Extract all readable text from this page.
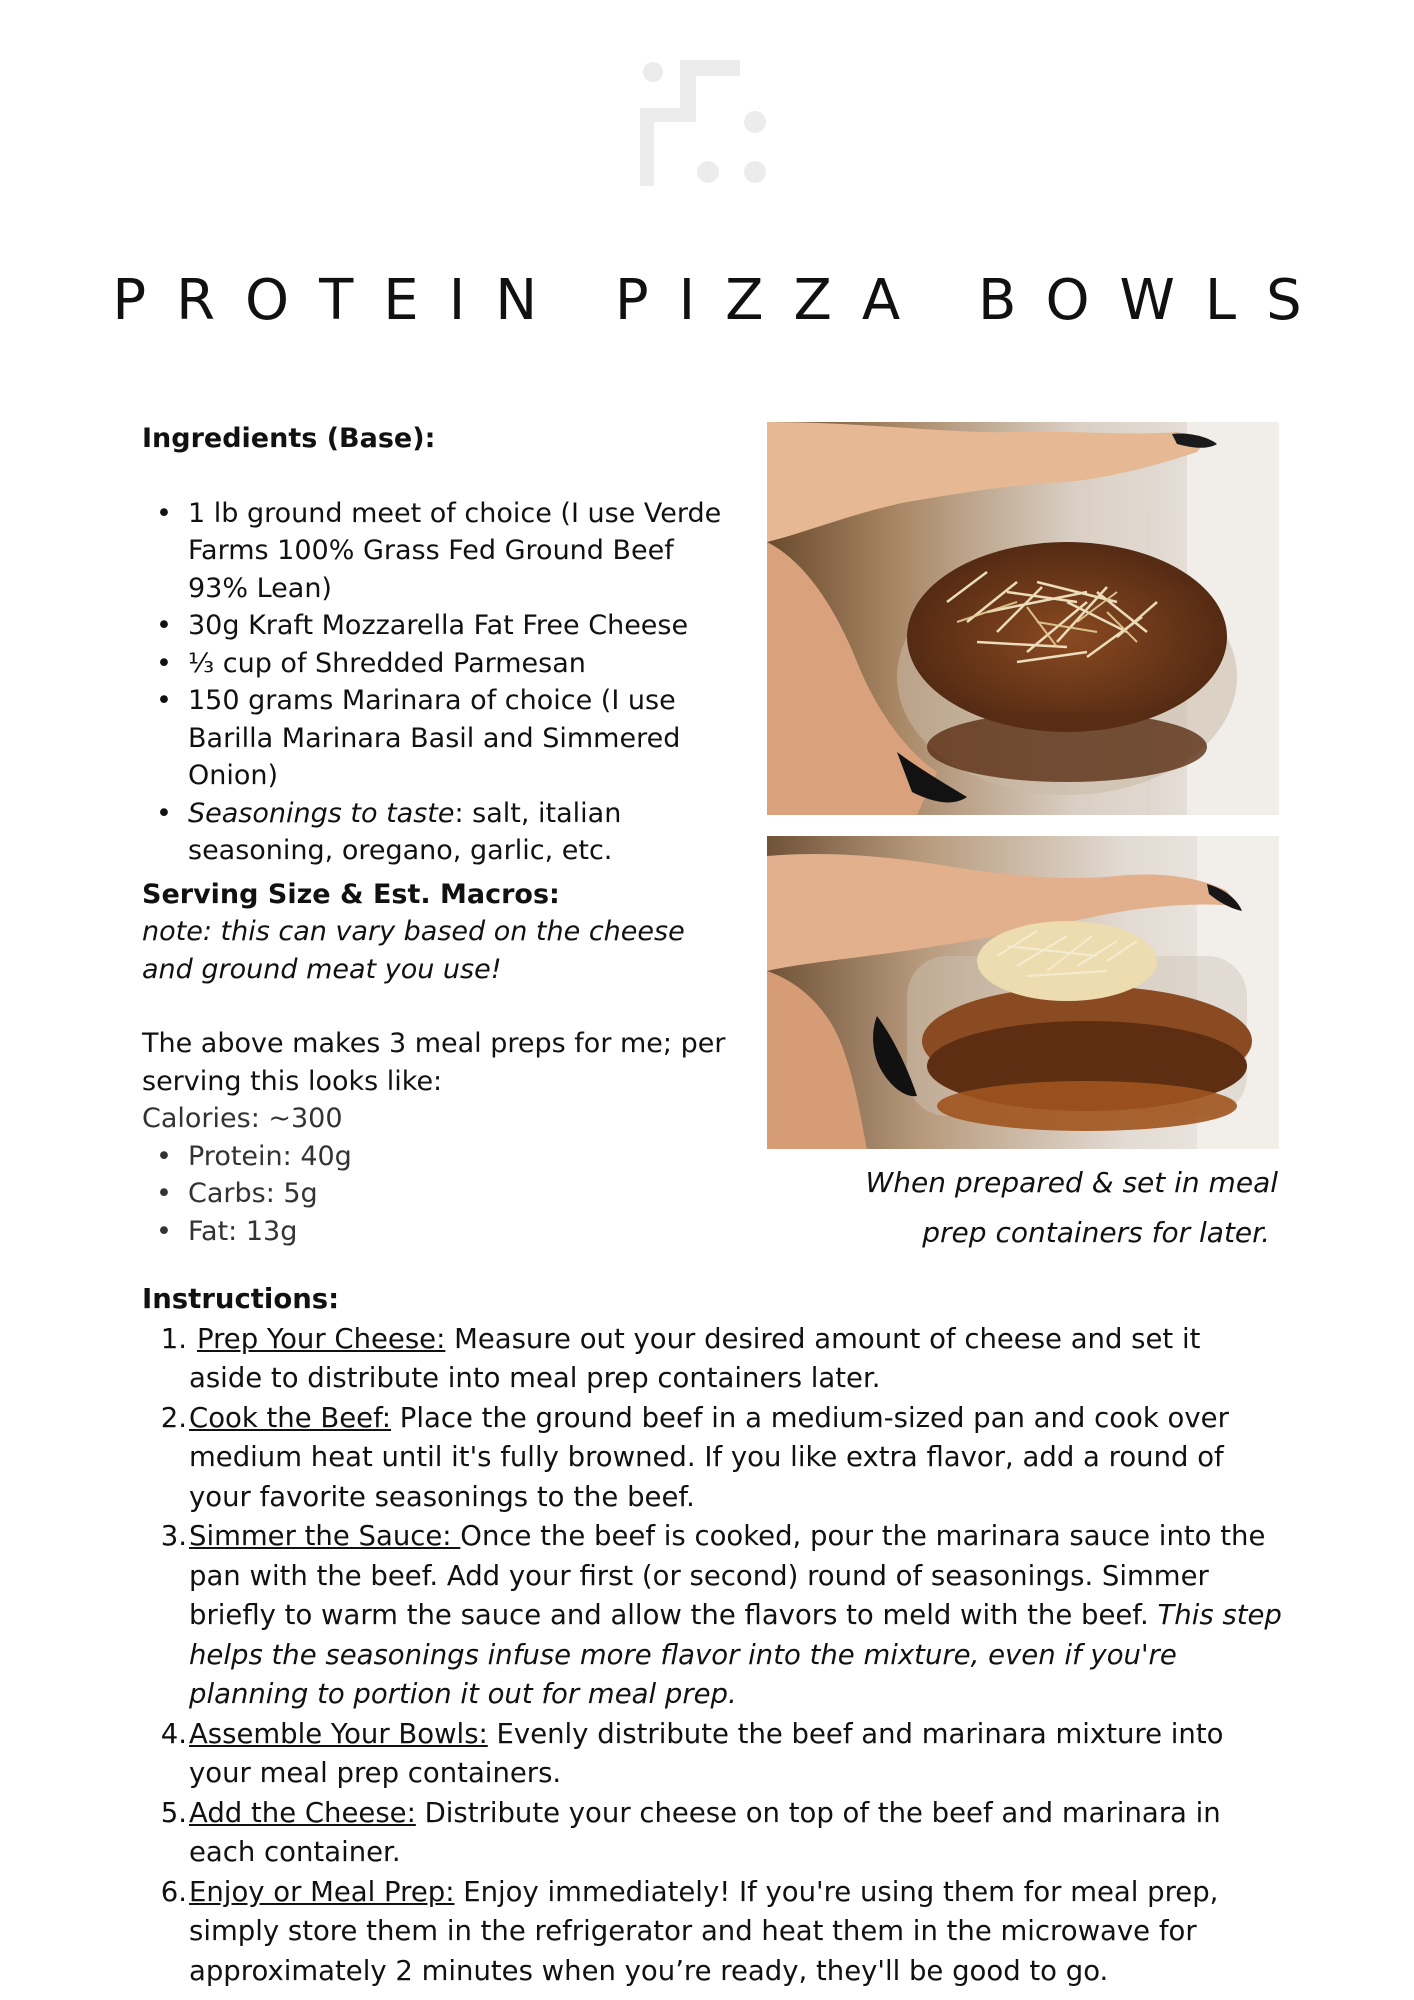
PROTEIN PIZZA BOWLS
Ingredients (Base):
• 1 lb ground meet of choice (I use Verde Farms 100% Grass Fed Ground Beef 93% Lean)
• 30g Kraft Mozzarella Fat Free Cheese
• ⅓ cup of Shredded Parmesan
• 150 grams Marinara of choice (I use Barilla Marinara Basil and Simmered Onion)
• Seasonings to taste: salt, italian seasoning, oregano, garlic, etc.
Serving Size & Est. Macros:
note: this can vary based on the cheese and ground meat you use!
The above makes 3 meal preps for me; per serving this looks like:
Calories: ~300
• Protein: 40g
• Carbs: 5g
• Fat: 13g
When prepared & set in meal
prep containers for later.
Instructions:
1. Prep Your Cheese: Measure out your desired amount of cheese and set it aside to distribute into meal prep containers later.
2. Cook the Beef: Place the ground beef in a medium-sized pan and cook over medium heat until it's fully browned. If you like extra flavor, add a round of your favorite seasonings to the beef.
3. Simmer the Sauce: Once the beef is cooked, pour the marinara sauce into the pan with the beef. Add your first (or second) round of seasonings. Simmer briefly to warm the sauce and allow the flavors to meld with the beef. This step helps the seasonings infuse more flavor into the mixture, even if you're planning to portion it out for meal prep.
4. Assemble Your Bowls: Evenly distribute the beef and marinara mixture into your meal prep containers.
5. Add the Cheese: Distribute your cheese on top of the beef and marinara in each container.
6. Enjoy or Meal Prep: Enjoy immediately! If you're using them for meal prep, simply store them in the refrigerator and heat them in the microwave for approximately 2 minutes when you’re ready, they'll be good to go.
